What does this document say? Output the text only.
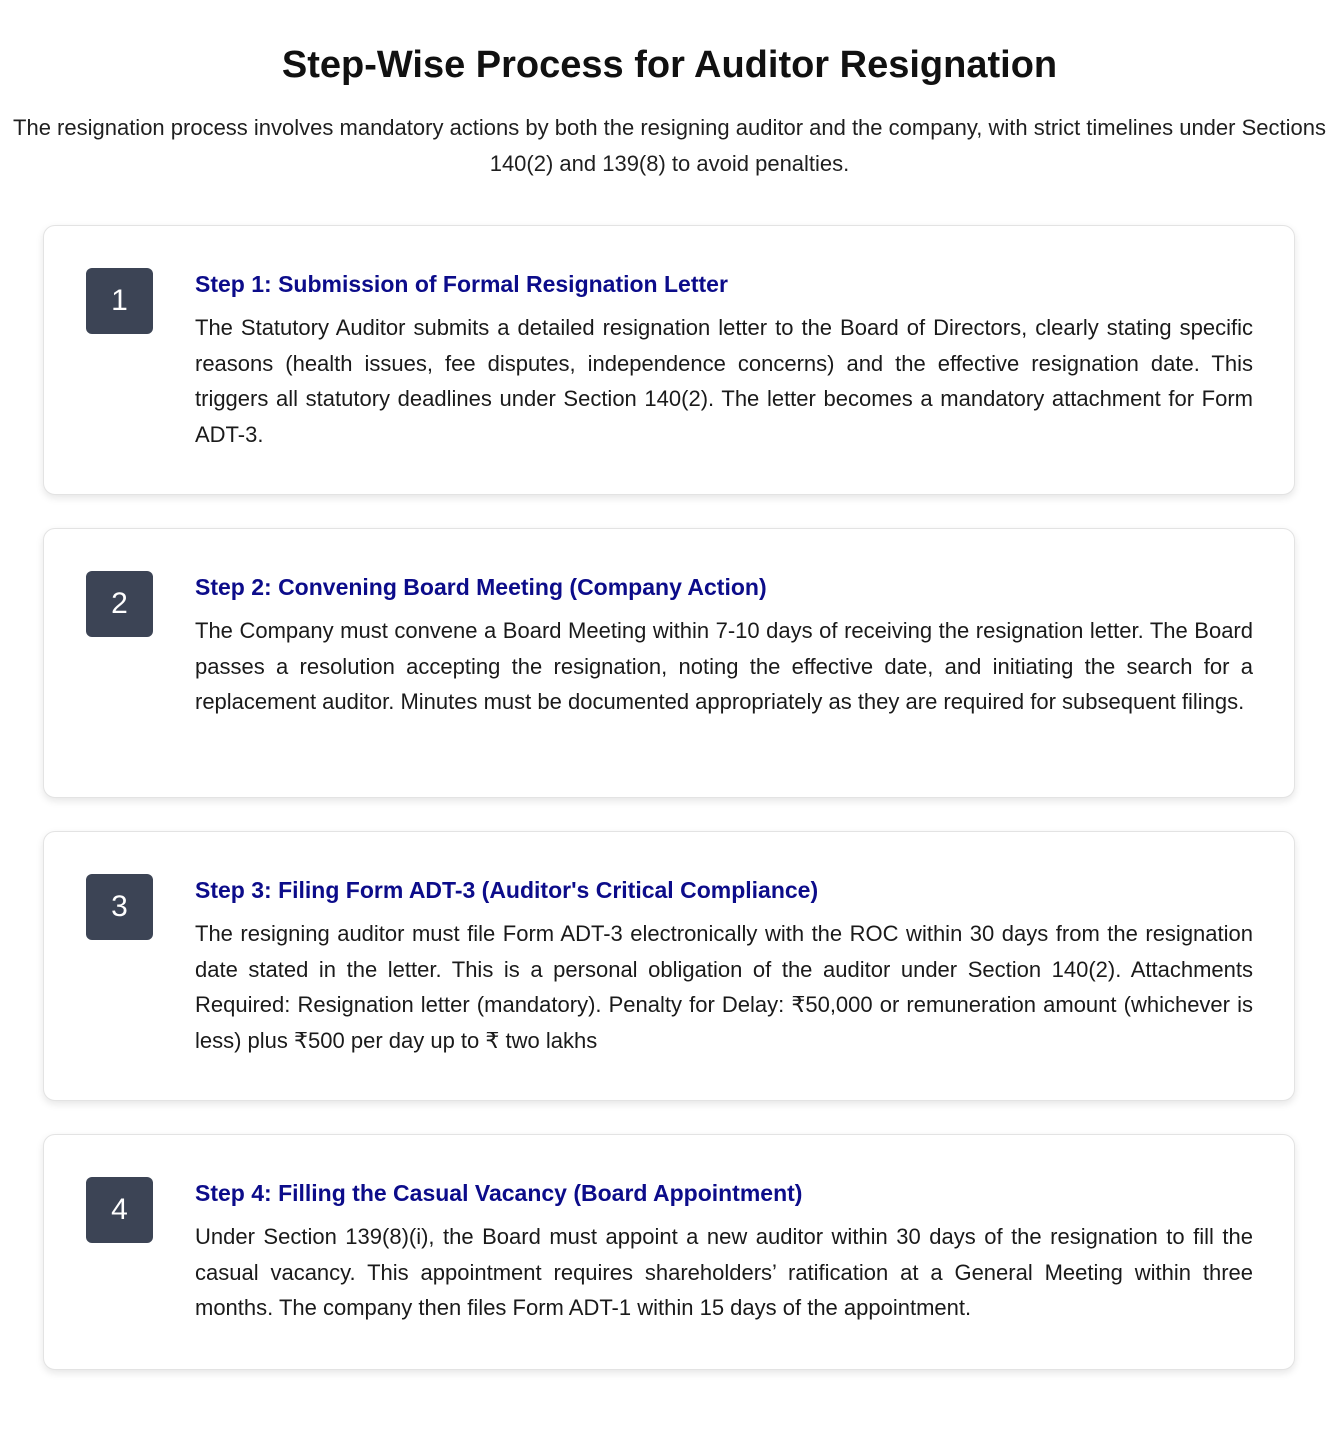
Step-Wise Process for Auditor Resignation

The resignation process involves mandatory actions by both the resigning auditor and the company, with strict timelines under Sections 140(2) and 139(8) to avoid penalties.

1	Step 1: Submission of Formal Resignation Letter

The Statutory Auditor submits a detailed resignation letter to the Board of Directors, clearly stating specific reasons (health issues, fee disputes, independence concerns) and the effective resignation date. This triggers all statutory deadlines under Section 140(2). The letter becomes a mandatory attachment for Form ADT-3.

2	Step 2: Convening Board Meeting (Company Action)

The Company must convene a Board Meeting within 7-10 days of receiving the resignation letter. The Board passes a resolution accepting the resignation, noting the effective date, and initiating the search for a replacement auditor. Minutes must be documented appropriately as they are required for subsequent filings.

3	Step 3: Filing Form ADT-3 (Auditor's Critical Compliance)

The resigning auditor must file Form ADT-3 electronically with the ROC within 30 days from the resignation date stated in the letter. This is a personal obligation of the auditor under Section 140(2). Attachments Required: Resignation letter (mandatory). Penalty for Delay: ₹50,000 or remuneration amount (whichever is less) plus ₹500 per day up to ₹ two lakhs

4	Step 4: Filling the Casual Vacancy (Board Appointment)

Under Section 139(8)(i), the Board must appoint a new auditor within 30 days of the resignation to fill the casual vacancy. This appointment requires shareholders’ ratification at a General Meeting within three months. The company then files Form ADT-1 within 15 days of the appointment.
